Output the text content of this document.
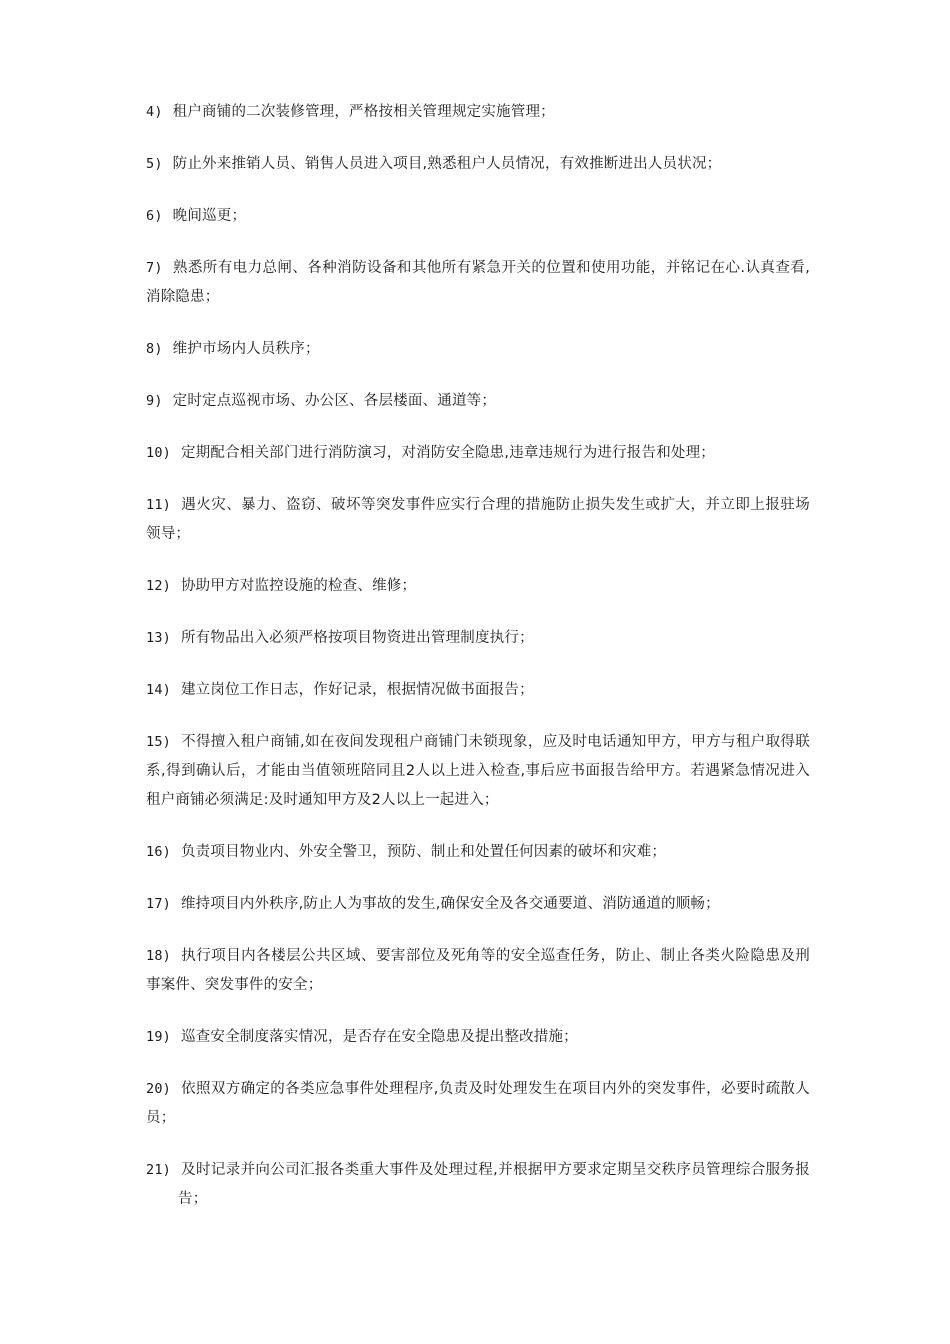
4) 租户商铺的二次装修管理，严格按相关管理规定实施管理；

5) 防止外来推销人员、销售人员进入项目,熟悉租户人员情况，有效推断进出人员状况；

6) 晚间巡更；

7) 熟悉所有电力总闸、各种消防设备和其他所有紧急开关的位置和使用功能，并铭记在心.认真查看,消除隐患；

8) 维护市场内人员秩序；

9) 定时定点巡视市场、办公区、各层楼面、通道等；

10) 定期配合相关部门进行消防演习，对消防安全隐患,违章违规行为进行报告和处理；

11) 遇火灾、暴力、盗窃、破坏等突发事件应实行合理的措施防止损失发生或扩大，并立即上报驻场领导；

12) 协助甲方对监控设施的检查、维修；

13) 所有物品出入必须严格按项目物资进出管理制度执行；

14) 建立岗位工作日志，作好记录，根据情况做书面报告；

15) 不得擅入租户商铺,如在夜间发现租户商铺门未锁现象，应及时电话通知甲方，甲方与租户取得联系,得到确认后，才能由当值领班陪同且2人以上进入检查,事后应书面报告给甲方。若遇紧急情况进入租户商铺必须满足:及时通知甲方及2人以上一起进入；

16) 负责项目物业内、外安全警卫，预防、制止和处置任何因素的破坏和灾难；

17) 维持项目内外秩序,防止人为事故的发生,确保安全及各交通要道、消防通道的顺畅；

18) 执行项目内各楼层公共区域、要害部位及死角等的安全巡查任务，防止、制止各类火险隐患及刑事案件、突发事件的安全；

19) 巡查安全制度落实情况，是否存在安全隐患及提出整改措施；

20) 依照双方确定的各类应急事件处理程序,负责及时处理发生在项目内外的突发事件，必要时疏散人员；

21) 及时记录并向公司汇报各类重大事件及处理过程,并根据甲方要求定期呈交秩序员管理综合服务报告；
